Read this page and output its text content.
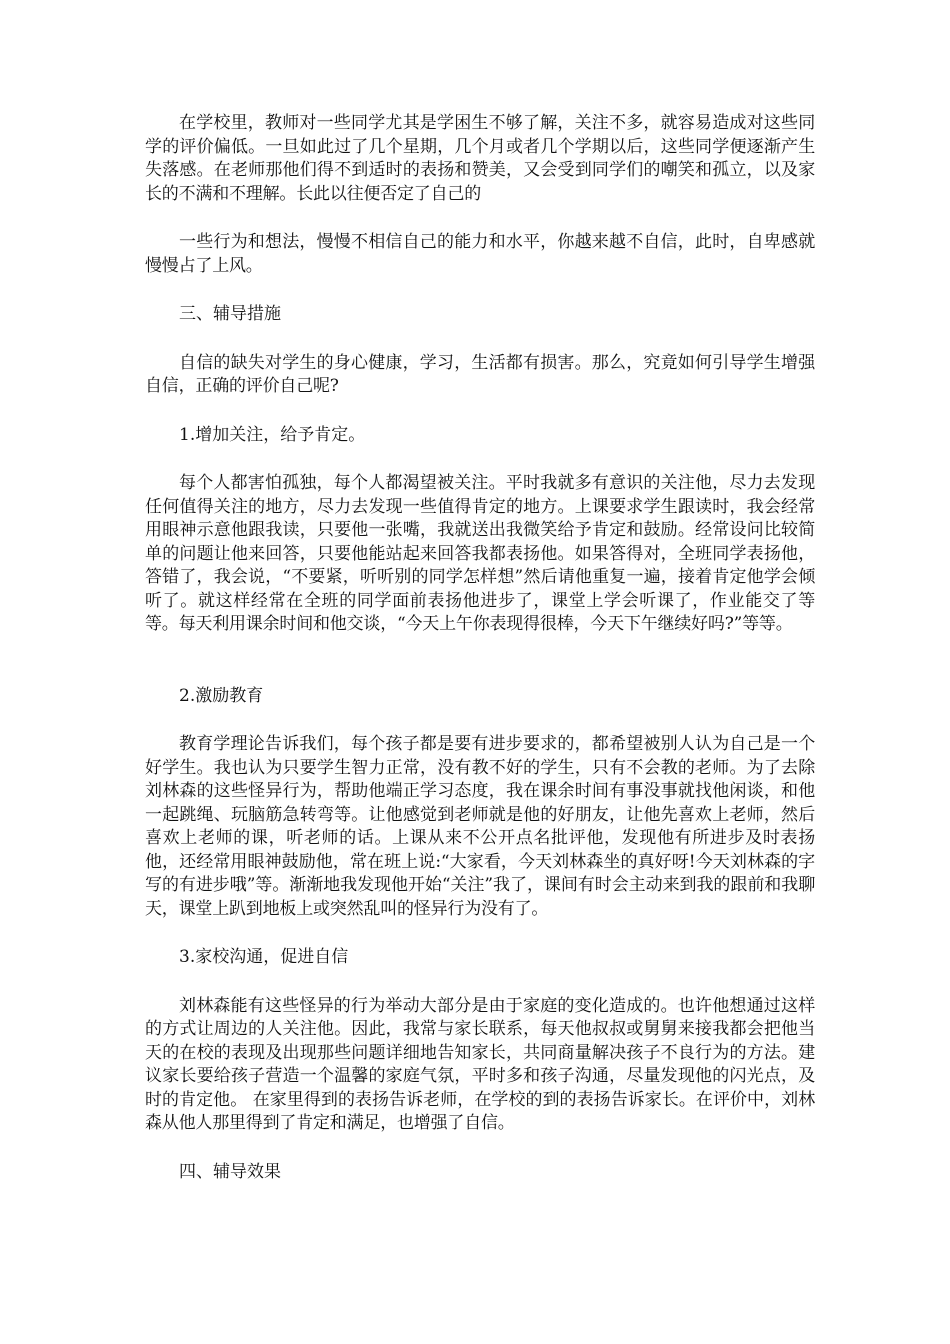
在学校里，教师对一些同学尤其是学困生不够了解，关注不多，就容易造成对这些同学的评价偏低。一旦如此过了几个星期，几个月或者几个学期以后，这些同学便逐渐产生失落感。在老师那他们得不到适时的表扬和赞美，又会受到同学们的嘲笑和孤立，以及家长的不满和不理解。长此以往便否定了自己的

一些行为和想法，慢慢不相信自己的能力和水平，你越来越不自信，此时，自卑感就慢慢占了上风。

三、辅导措施

自信的缺失对学生的身心健康，学习，生活都有损害。那么，究竟如何引导学生增强自信，正确的评价自己呢?

1.增加关注，给予肯定。

每个人都害怕孤独，每个人都渴望被关注。平时我就多有意识的关注他，尽力去发现任何值得关注的地方，尽力去发现一些值得肯定的地方。上课要求学生跟读时，我会经常用眼神示意他跟我读，只要他一张嘴，我就送出我微笑给予肯定和鼓励。经常设问比较简单的问题让他来回答，只要他能站起来回答我都表扬他。如果答得对，全班同学表扬他，答错了，我会说，“不要紧，听听别的同学怎样想”然后请他重复一遍，接着肯定他学会倾听了。就这样经常在全班的同学面前表扬他进步了，课堂上学会听课了，作业能交了等等。每天利用课余时间和他交谈，“今天上午你表现得很棒，今天下午继续好吗?”等等。

2.激励教育

教育学理论告诉我们，每个孩子都是要有进步要求的，都希望被别人认为自己是一个好学生。我也认为只要学生智力正常，没有教不好的学生，只有不会教的老师。为了去除刘林森的这些怪异行为，帮助他端正学习态度，我在课余时间有事没事就找他闲谈，和他一起跳绳、玩脑筋急转弯等。让他感觉到老师就是他的好朋友，让他先喜欢上老师，然后喜欢上老师的课，听老师的话。上课从来不公开点名批评他，发现他有所进步及时表扬他，还经常用眼神鼓励他，常在班上说:“大家看，今天刘林森坐的真好呀!今天刘林森的字写的有进步哦”等。渐渐地我发现他开始“关注”我了，课间有时会主动来到我的跟前和我聊天，课堂上趴到地板上或突然乱叫的怪异行为没有了。

3.家校沟通，促进自信

刘林森能有这些怪异的行为举动大部分是由于家庭的变化造成的。也许他想通过这样的方式让周边的人关注他。因此，我常与家长联系，每天他叔叔或舅舅来接我都会把他当天的在校的表现及出现那些问题详细地告知家长，共同商量解决孩子不良行为的方法。建议家长要给孩子营造一个温馨的家庭气氛，平时多和孩子沟通，尽量发现他的闪光点，及时的肯定他。 在家里得到的表扬告诉老师，在学校的到的表扬告诉家长。在评价中，刘林森从他人那里得到了肯定和满足，也增强了自信。

四、辅导效果
